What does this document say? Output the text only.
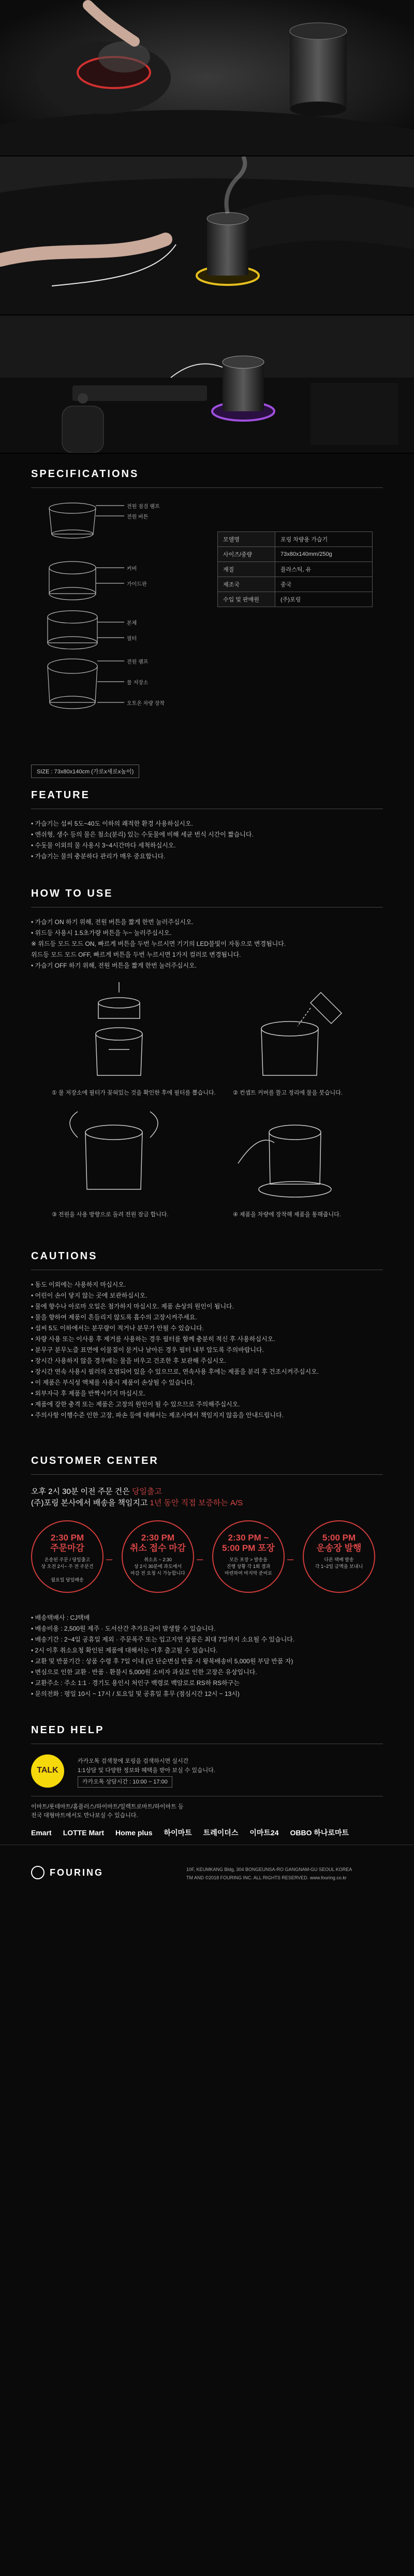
SPECIFICATIONS
전원 점검 램프
전원 버튼
커버
가이드판
본체
필터
전원 램프
물 저장소
오토온 차량 장착
모델명	포링 차량용 가습기
사이즈/중량	73x80x140mm/250g
재질	플라스틱, 유
제조국	중국
수입 및 판매원	(주)포링
SIZE : 73x80x140cm (가로x세로x높이)
FEATURE
• 가습기는 섭씨 5도~40도 이하의 쾌적한 환경 사용하십시오.
• 엔쉬형, 생수 등의 물은 첨소(분리) 있는 수돗물에 비해 세균 번식 시간이 짧습니다.
• 수돗물 이외의 물 사용시 3~4시간마다 세척하십시오.
• 가습기는 물의 충분하다 관리가 매우 중요합니다.
HOW TO USE
• 가습기 ON 하기 위해, 전원 버튼을 짧게 한번 눌러주십시오.
• 위드등 사용시 1.5초가량 버튼을 누~ 눌러주십시오.
※ 위드등 모드 모드 ON, 빠르게 버튼을 두번 누르시면 기기의 LED불빛이 자동으로 변경됩니다.
위드등 모드 모드 OFF, 빠르게 버튼을 두번 누르시면 1가지 컬러로 변경됩니다.
• 가습기 OFF 하기 위해, 전원 버튼을 짧게 한번 눌러주십시오.
① 물 저장소에 필터가 꽂혀있는 것을 확인한 후에 필터를 뽑습니다.	② 컨셉트 커버를 뜰고 정리에 물을 붓습니다.
③ 전원을 사용 방향으로 돌려 전원 잠금 합니다.	④ 제품을 차량에 장착해 제품을 통해줍니다.
CAUTIONS
• 동도 이외에는 사용하지 마십시오.
• 어린이 손이 닿지 않는 곳에 보관하십시오.
• 물에 향수나 아로마 오일은 첨가하지 마십시오. 제품 손상의 원인이 됩니다.
• 물을 향하여 제품이 흔들리지 않도록 흡수의 고장시켜주세요.
• 섭씨 5도 이하에서는 분무량이 적거나 분무가 안될 수 있습니다.
• 차량 사용 또는 이사용 후 제거를 사용하는 경우 필터를 함께 충분히 적신 후 사용하십시오.
• 분무구 분무노즐 표면에 이물질이 묻거나 날아든 경우 필터 내부 압도록 주의바랍니다.
• 장시간 사용하지 않을 경우에는 물을 비우고 건조한 후 보관해 주십시오.
• 장시간 연속 사용시 필러의 오염되어 있을 수 있으므로, 연속사용 후에는 제품을 분리 후 건조시켜주십시오.
• 이 제품은 부식성 액체를 사용시 제품이 손상될 수 있습니다.
• 외부자극 후 제품을 반짝시키지 마십시오.
• 제품에 강한 충격 또는 제품은 고장의 원인이 될 수 있으므로 주의해주십시오.
• 주의사항 이행수준 인한 고장, 파손 등에 대해서는 제조사에서 책임지지 않음을 안내드립니다.
CUSTOMER CENTER
오후 2시 30분 이전 주문 건은 당일출고
(주)포링 본사에서 배송을 책임지고 1년 동안 직접 보증하는 A/S
2:30 PM
주문마감
온송된 주문 / 당일출고
상 오전 2시~ 주 전 주문건

월요일 당일배송
–
2:30 PM
취소 접수 마감
취소요 ~ 2:30
상 2시 30분에 과도에서
마감 전 요청 시 가능합니다
–
2:30 PM ~
5:00 PM 포장
모든 포장 > 발송을
진행 상황 각 1회 결과
마련하여 마지막 준비로
–
5:00 PM
운송장 발행
다른 택배 발송
각 1~2일 금액을 보내니
• 배송택배사 : CJ택배
• 배송비용 : 2,500원 제주 · 도서산간 추가요금이 발생할 수 있습니다.
• 배송기간 : 2~4일 공휴일 제외 · 주문폭주 또는 입고지연 상품은 최대 7일까지 소요될 수 있습니다.
• 2시 이후 취소요청 확인된 제품에 대해서는 이후 출고될 수 있습니다.
• 교환 및 반품기간 : 상품 수령 후 7일 이내 (단 단순변심 반품 시 왕복배송비 5,000원 부담 반품 자)
• 변심으로 인한 교환 · 반품 · 환불시 5,000원 소비자 과실로 인한 고장은 유상입니다.
• 교환주소 : 주소 1:1 · 경기도 용인시 처인구 백령로 백암로로 RS하 RS하구는
• 문의전화 : 평일 10시 ~ 17시 / 토요일 및 공휴일 휴무 (점심시간 12시 ~ 13시)
NEED HELP
TALK
카카오톡 검색창에 포링을 검색하시면 실시간
1:1상담 및 다양한 정보와 혜택을 받아 보실 수 있습니다.
카카오톡 상담시간 : 10:00 ~ 17:00
이마트/롯데마트/홈플러스/하이마트/일렉트로마트/하이마트 등
전국 대형마트에서도 만나보실 수 있습니다.
Emart LOTTE Mart Home plus 하이마트 트레이더스 이마트24 OBBO 하나로마트
FOURING	10F, KEUMKANG Bldg, 304 BONGEUNSA-RO GANGNAM-GU SEOUL KOREA
TM AND ©2018 FOURING INC. ALL RIGHTS RESERVED. www.fouring.co.kr
